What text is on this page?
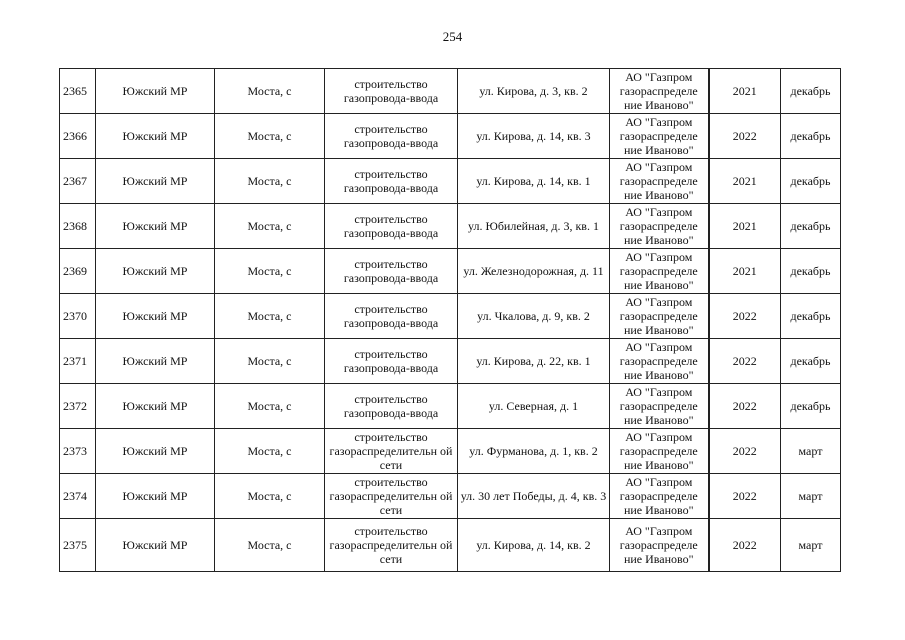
254
2365	Южский МР	Моста, с	строительство газопровода-ввода	ул. Кирова, д. 3, кв. 2	АО "Газпром газораспределе ние Иваново"	2021	декабрь
2366	Южский МР	Моста, с	строительство газопровода-ввода	ул. Кирова, д. 14, кв. 3	АО "Газпром газораспределе ние Иваново"	2022	декабрь
2367	Южский МР	Моста, с	строительство газопровода-ввода	ул. Кирова, д. 14, кв. 1	АО "Газпром газораспределе ние Иваново"	2021	декабрь
2368	Южский МР	Моста, с	строительство газопровода-ввода	ул. Юбилейная, д. 3, кв. 1	АО "Газпром газораспределе ние Иваново"	2021	декабрь
2369	Южский МР	Моста, с	строительство газопровода-ввода	ул. Железнодорожная, д. 11	АО "Газпром газораспределе ние Иваново"	2021	декабрь
2370	Южский МР	Моста, с	строительство газопровода-ввода	ул. Чкалова, д. 9, кв. 2	АО "Газпром газораспределе ние Иваново"	2022	декабрь
2371	Южский МР	Моста, с	строительство газопровода-ввода	ул. Кирова, д. 22, кв. 1	АО "Газпром газораспределе ние Иваново"	2022	декабрь
2372	Южский МР	Моста, с	строительство газопровода-ввода	ул. Северная, д. 1	АО "Газпром газораспределе ние Иваново"	2022	декабрь
2373	Южский МР	Моста, с	строительство газораспределительн ой сети	ул. Фурманова, д. 1, кв. 2	АО "Газпром газораспределе ние Иваново"	2022	март
2374	Южский МР	Моста, с	строительство газораспределительн ой сети	ул. 30 лет Победы, д. 4, кв. 3	АО "Газпром газораспределе ние Иваново"	2022	март
2375	Южский МР	Моста, с	строительство газораспределительн ой сети	ул. Кирова, д. 14, кв. 2	АО "Газпром газораспределе ние Иваново"	2022	март
